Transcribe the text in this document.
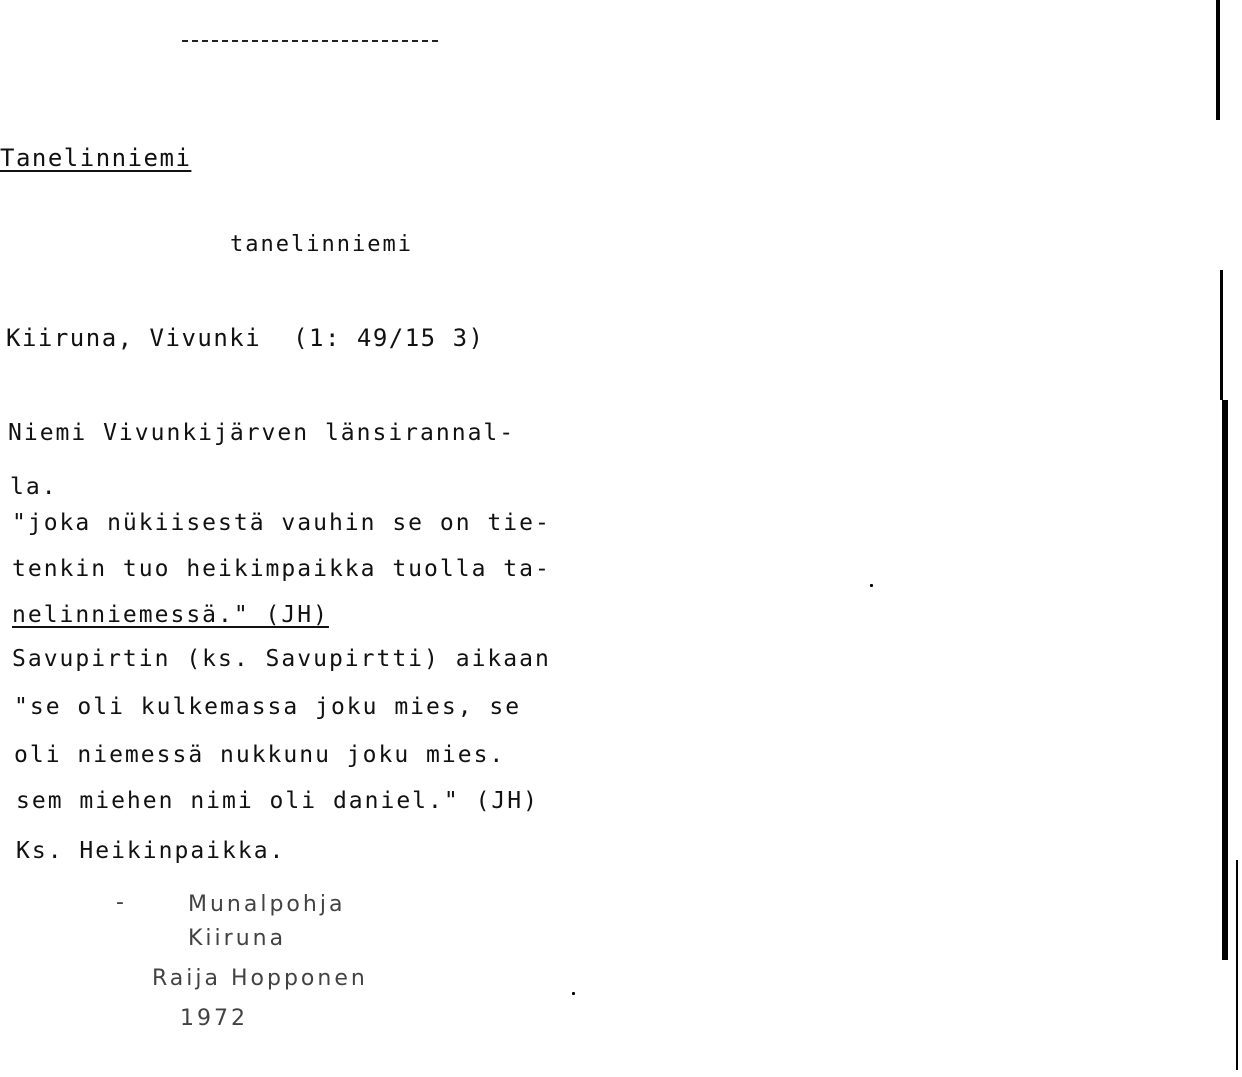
Tanelinniemi
tanelinniemi
Kiiruna, Vivunki  (1: 49/15 3)
Niemi Vivunkijärven länsirannal-
la.
"joka nükiisestä vauhin se on tie-
tenkin tuo heikimpaikka tuolla ta-
nelinniemessä." (JH)
Savupirtin (ks. Savupirtti) aikaan
"se oli kulkemassa joku mies, se
oli niemessä nukkunu joku mies.
sem miehen nimi oli daniel." (JH)
Ks. Heikinpaikka.
-	Munalpohja
Kiiruna
Raija Hopponen
1972
